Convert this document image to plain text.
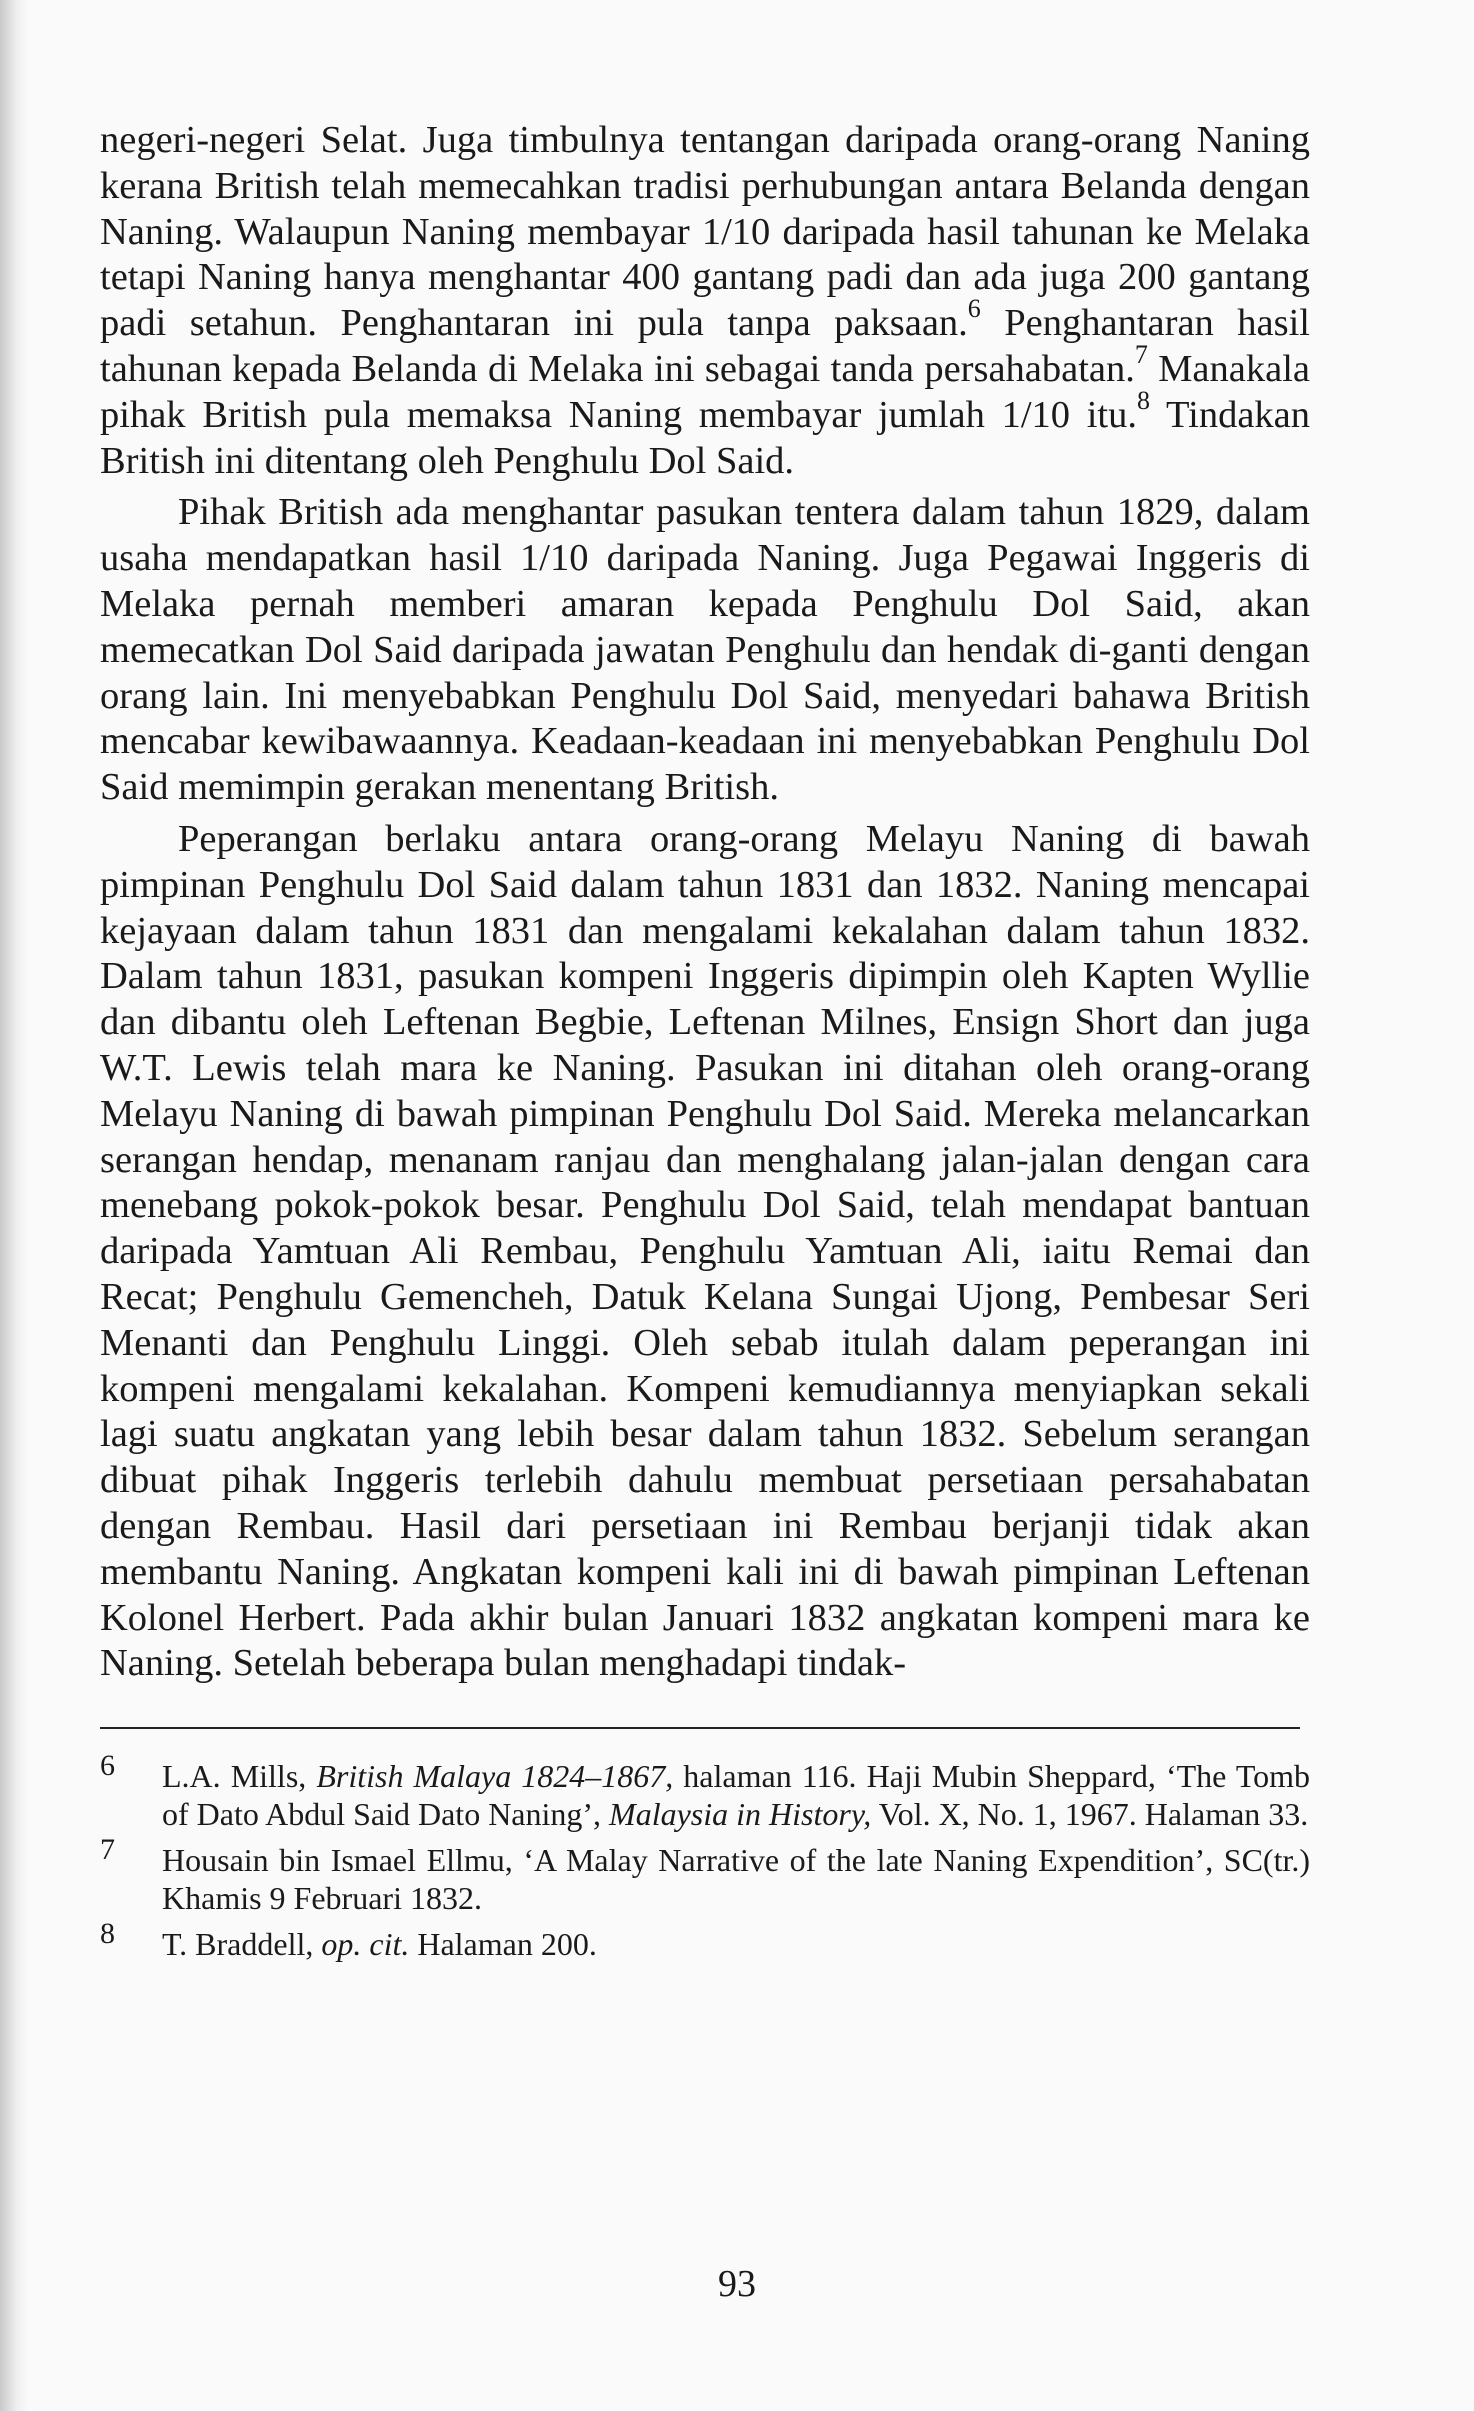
negeri-negeri Selat. Juga timbulnya tentangan daripada orang-orang Naning kerana British telah memecahkan tradisi perhubungan antara Belanda dengan Naning. Walaupun Naning membayar 1/10 daripada hasil tahunan ke Melaka tetapi Naning hanya menghantar 400 gantang padi dan ada juga 200 gantang padi setahun. Penghantaran ini pula tanpa paksaan.$^6$ Penghantaran hasil tahunan kepada Belanda di Melaka ini sebagai tanda persahabatan.$^7$ Manakala pihak British pula memaksa Naning membayar jumlah 1/10 itu.$^8$ Tindakan British ini ditentang oleh Penghulu Dol Said.

Pihak British ada menghantar pasukan tentera dalam tahun 1829, dalam usaha mendapatkan hasil 1/10 daripada Naning. Juga Pegawai Inggeris di Melaka pernah memberi amaran kepada Penghulu Dol Said, akan memecatkan Dol Said daripada jawatan Penghulu dan hendak di-ganti dengan orang lain. Ini menyebabkan Penghulu Dol Said, menyedari bahawa British mencabar kewibawaannya. Keadaan-keadaan ini menyebabkan Penghulu Dol Said memimpin gerakan menentang British.

Peperangan berlaku antara orang-orang Melayu Naning di bawah pimpinan Penghulu Dol Said dalam tahun 1831 dan 1832. Naning mencapai kejayaan dalam tahun 1831 dan mengalami kekalahan dalam tahun 1832. Dalam tahun 1831, pasukan kompeni Inggeris dipimpin oleh Kapten Wyllie dan dibantu oleh Leftenan Begbie, Leftenan Milnes, Ensign Short dan juga W.T. Lewis telah mara ke Naning. Pasukan ini ditahan oleh orang-orang Melayu Naning di bawah pimpinan Penghulu Dol Said. Mereka melancarkan serangan hendap, menanam ranjau dan menghalang jalan-jalan dengan cara menebang pokok-pokok besar. Penghulu Dol Said, telah mendapat bantuan daripada Yamtuan Ali Rembau, Penghulu Yamtuan Ali, iaitu Remai dan Recat; Penghulu Gemencheh, Datuk Kelana Sungai Ujong, Pembesar Seri Menanti dan Penghulu Linggi. Oleh sebab itulah dalam peperangan ini kompeni mengalami kekalahan. Kompeni kemudiannya menyiapkan sekali lagi suatu angkatan yang lebih besar dalam tahun 1832. Sebelum serangan dibuat pihak Inggeris terlebih dahulu membuat persetiaan persahabatan dengan Rembau. Hasil dari persetiaan ini Rembau berjanji tidak akan membantu Naning. Angkatan kompeni kali ini di bawah pimpinan Leftenan Kolonel Herbert. Pada akhir bulan Januari 1832 angkatan kompeni mara ke Naning. Setelah beberapa bulan menghadapi tindak-

6 L.A. Mills, British Malaya 1824–1867, halaman 116. Haji Mubin Sheppard, ‘The Tomb of Dato Abdul Said Dato Naning’, Malaysia in History, Vol. X, No. 1, 1967. Halaman 33.
7 Housain bin Ismael Ellmu, ‘A Malay Narrative of the late Naning Expendition’, SC(tr.) Khamis 9 Februari 1832.
8 T. Braddell, op. cit. Halaman 200.
93
